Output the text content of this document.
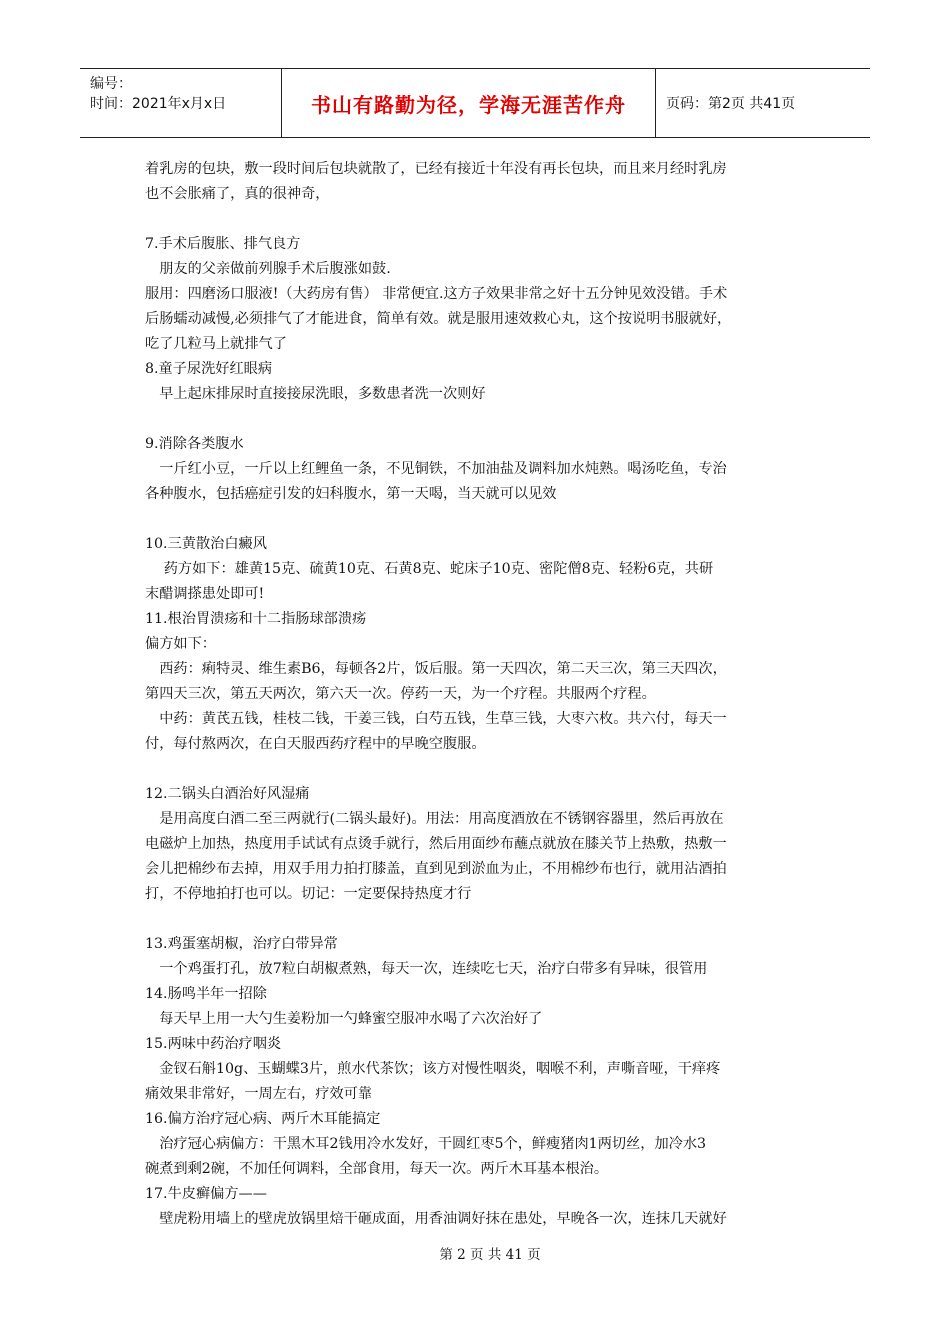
编号：
时间：2021年x月x日	书山有路勤为径，学海无涯苦作舟	页码：第2页 共41页

着乳房的包块，敷一段时间后包块就散了，已经有接近十年没有再长包块，而且来月经时乳房

也不会胀痛了，真的很神奇，

7.手术后腹胀、排气良方

　朋友的父亲做前列腺手术后腹涨如鼓.

服用：四磨汤口服液!（大药房有售） 非常便宜.这方子效果非常之好十五分钟见效没错。手术

后肠蠕动减慢,必须排气了才能进食，简单有效。就是服用速效救心丸，这个按说明书服就好，

吃了几粒马上就排气了

8.童子尿洗好红眼病

　早上起床排尿时直接接尿洗眼，多数患者洗一次则好

9.消除各类腹水

　一斤红小豆，一斤以上红鲤鱼一条，不见铜铁，不加油盐及调料加水炖熟。喝汤吃鱼，专治

各种腹水，包括癌症引发的妇科腹水，第一天喝，当天就可以见效

10.三黄散治白癜风

　 药方如下：雄黄15克、硫黄10克、石黄8克、蛇床子10克、密陀僧8克、轻粉6克，共研

末醋调搽患处即可!

11.根治胃溃疡和十二指肠球部溃疡

偏方如下：

　西药：痢特灵、维生素B6，每顿各2片，饭后服。第一天四次，第二天三次，第三天四次，

第四天三次，第五天两次，第六天一次。停药一天，为一个疗程。共服两个疗程。

　中药：黄芪五钱，桂枝二钱，干姜三钱，白芍五钱，生草三钱，大枣六枚。共六付，每天一

付，每付熬两次，在白天服西药疗程中的早晚空腹服。

12.二锅头白酒治好风湿痛

　是用高度白酒二至三两就行(二锅头最好)。用法：用高度酒放在不锈钢容器里，然后再放在

电磁炉上加热，热度用手试试有点烫手就行，然后用面纱布蘸点就放在膝关节上热敷，热敷一

会儿把棉纱布去掉，用双手用力拍打膝盖，直到见到淤血为止，不用棉纱布也行，就用沾酒拍

打，不停地拍打也可以。切记：一定要保持热度才行

13.鸡蛋塞胡椒，治疗白带异常

　一个鸡蛋打孔，放7粒白胡椒煮熟，每天一次，连续吃七天，治疗白带多有异味，很管用

14.肠鸣半年一招除

　每天早上用一大勺生姜粉加一勺蜂蜜空服冲水喝了六次治好了

15.两味中药治疗咽炎

　金钗石斛10g、玉蝴蝶3片，煎水代茶饮；该方对慢性咽炎，咽喉不利，声嘶音哑，干痒疼

痛效果非常好，一周左右，疗效可靠

16.偏方治疗冠心病、两斤木耳能搞定

　治疗冠心病偏方：干黑木耳2钱用冷水发好，干圆红枣5个，鲜瘦猪肉1两切丝，加冷水3

碗煮到剩2碗，不加任何调料，全部食用，每天一次。两斤木耳基本根治。

17.牛皮癣偏方——

　壁虎粉用墙上的壁虎放锅里焙干砸成面，用香油调好抹在患处，早晚各一次，连抹几天就好

第 2 页 共 41 页
